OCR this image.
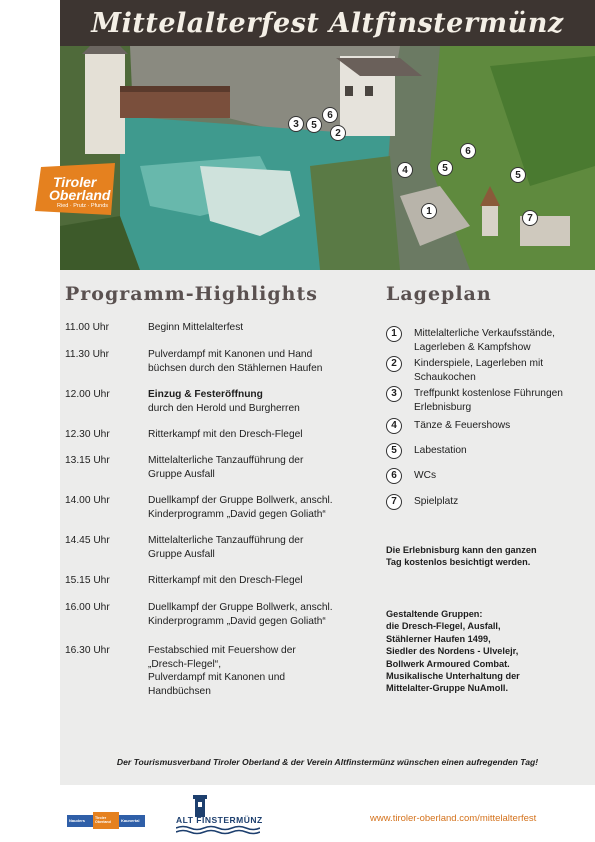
Mittelalterfest Altfinstermünz
3	5
6
2
4	5
6
5
1
7
Tiroler
Oberland
Ried · Prutz · Pfunds
Programm-Highlights	Lageplan
11.00 Uhr	Beginn Mittelalterfest
11.30 Uhr	Pulverdampf mit Kanonen und Hand
büchsen durch den Stählernen Haufen
12.00 Uhr	Einzug & Festeröffnung
durch den Herold und Burgherren
12.30 Uhr	Ritterkampf mit den Dresch-Flegel
13.15 Uhr	Mittelalterliche Tanzaufführung der
Gruppe Ausfall
14.00 Uhr	Duellkampf der Gruppe Bollwerk, anschl.
Kinderprogramm „David gegen Goliath“
14.45 Uhr	Mittelalterliche Tanzaufführung der
Gruppe Ausfall
15.15 Uhr	Ritterkampf mit den Dresch-Flegel
16.00 Uhr	Duellkampf der Gruppe Bollwerk, anschl.
Kinderprogramm „David gegen Goliath“
16.30 Uhr	Festabschied mit Feuershow der
„Dresch-Flegel“,
Pulverdampf mit Kanonen und
Handbüchsen
1	Mittelalterliche Verkaufsstände,
Lagerleben & Kampfshow
2	Kinderspiele, Lagerleben mit
Schaukochen
3	Treffpunkt kostenlose Führungen
Erlebnisburg
4	Tänze & Feuershows
5	Labestation
6	WCs
7	Spielplatz
Die Erlebnisburg kann den ganzen
Tag kostenlos besichtigt werden.
Gestaltende Gruppen:
die Dresch-Flegel, Ausfall,
Stählerner Haufen 1499,
Siedler des Nordens - Ulvelejr,
Bollwerk Armoured Combat.
Musikalische Unterhaltung der
Mittelalter-Gruppe NuAmoll.
Der Tourismusverband Tiroler Oberland & der Verein Altfinstermünz wünschen einen aufregenden Tag!
Nauders	Tiroler Oberland	Kaunertal	ALT FINSTERMÜNZ	www.tiroler-oberland.com/mittelalterfest
